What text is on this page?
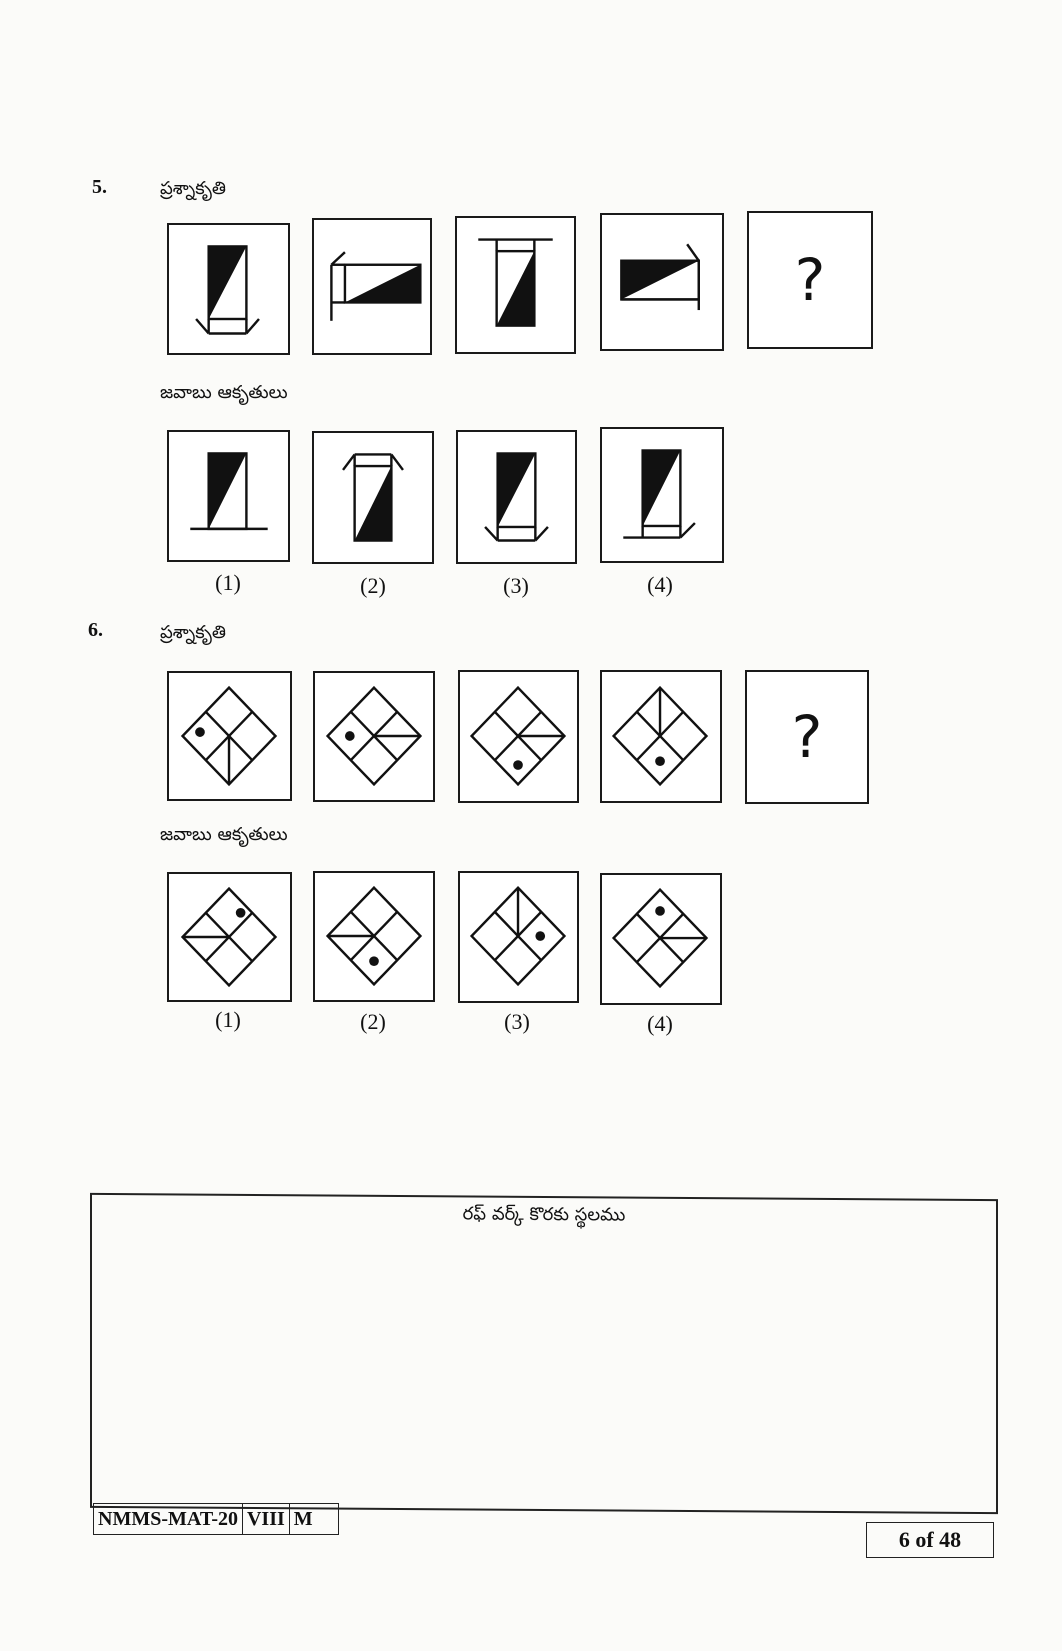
5.	ప్రశ్నాకృతి
?
జవాబు ఆకృతులు
(1)	(2)	(3)	(4)
6.	ప్రశ్నాకృతి
?
జవాబు ఆకృతులు
(1)	(2)	(3)	(4)
రఫ్ వర్క్ కొరకు స్థలము
NMMS-MAT-20	VIII	M
6 of 48
